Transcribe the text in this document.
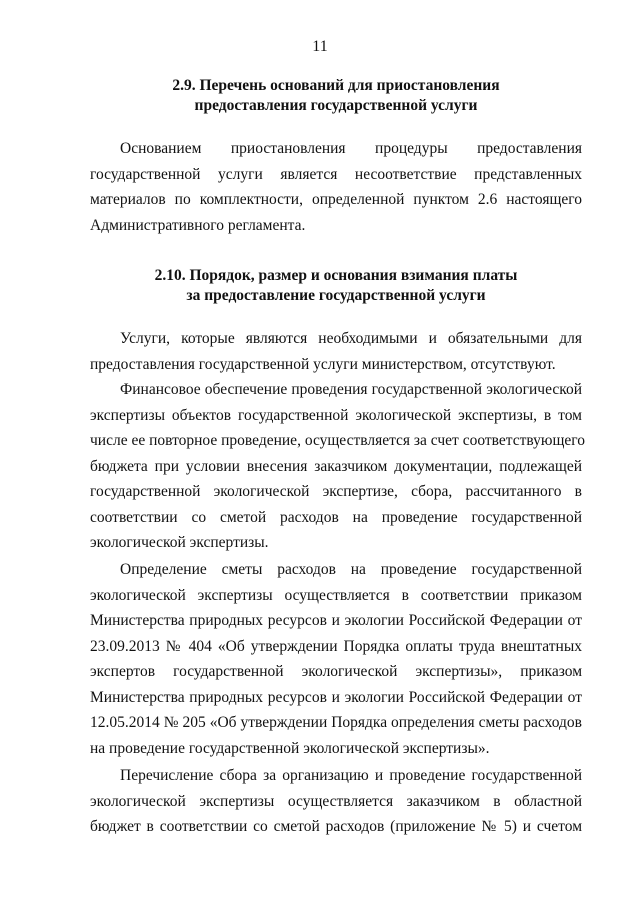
11
2.9. Перечень оснований для приостановления
предоставления государственной услуги
Основанием приостановления процедуры предоставления
государственной услуги является несоответствие представленных
материалов по комплектности, определенной пунктом 2.6 настоящего
Административного регламента.
2.10. Порядок, размер и основания взимания платы
за предоставление государственной услуги
Услуги, которые являются необходимыми и обязательными для
предоставления государственной услуги министерством, отсутствуют.
Финансовое обеспечение проведения государственной экологической
экспертизы объектов государственной экологической экспертизы, в том
числе ее повторное проведение, осуществляется за счет соответствующего
бюджета при условии внесения заказчиком документации, подлежащей
государственной экологической экспертизе, сбора, рассчитанного в
соответствии со сметой расходов на проведение государственной
экологической экспертизы.
Определение сметы расходов на проведение государственной
экологической экспертизы осуществляется в соответствии приказом
Министерства природных ресурсов и экологии Российской Федерации от
23.09.2013 № 404 «Об утверждении Порядка оплаты труда внештатных
экспертов государственной экологической экспертизы», приказом
Министерства природных ресурсов и экологии Российской Федерации от
12.05.2014 № 205 «Об утверждении Порядка определения сметы расходов
на проведение государственной экологической экспертизы».
Перечисление сбора за организацию и проведение государственной
экологической экспертизы осуществляется заказчиком в областной
бюджет в соответствии со сметой расходов (приложение № 5) и счетом
